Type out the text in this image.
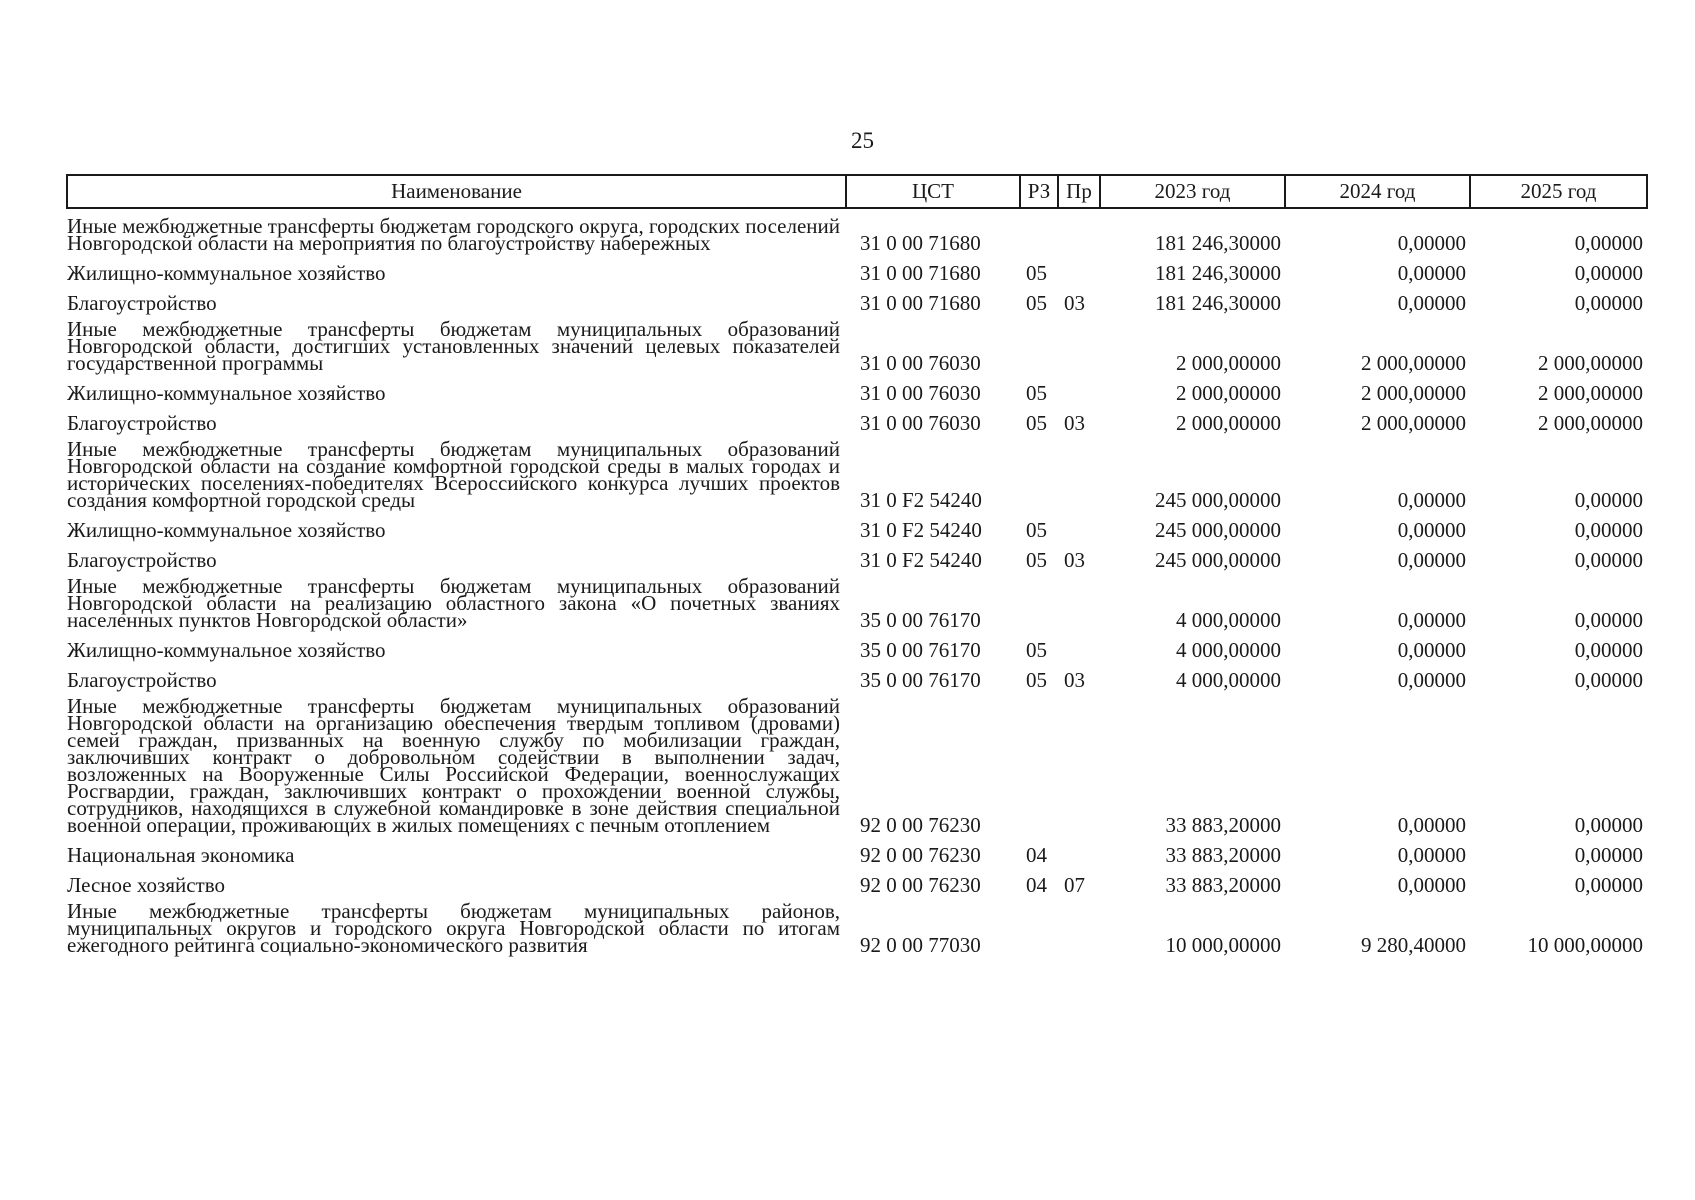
25
Наименование	ЦСТ	РЗ	Пр	2023 год	2024 год	2025 год
Иные межбюджетные трансферты бюджетам городского округа, городских поселений Новгородской области на мероприятия по благоустройству набережных	31 0 00 71680			181 246,30000	0,00000	0,00000
Жилищно-коммунальное хозяйство	31 0 00 71680	05		181 246,30000	0,00000	0,00000
Благоустройство	31 0 00 71680	05	03	181 246,30000	0,00000	0,00000
Иные межбюджетные трансферты бюджетам муниципальных образований Новгородской области, достигших установленных значений целевых показателей государственной программы	31 0 00 76030			2 000,00000	2 000,00000	2 000,00000
Жилищно-коммунальное хозяйство	31 0 00 76030	05		2 000,00000	2 000,00000	2 000,00000
Благоустройство	31 0 00 76030	05	03	2 000,00000	2 000,00000	2 000,00000
Иные межбюджетные трансферты бюджетам муниципальных образований Новгородской области на создание комфортной городской среды в малых городах и исторических поселениях-победителях Всероссийского конкурса лучших проектов создания комфортной городской среды	31 0 F2 54240			245 000,00000	0,00000	0,00000
Жилищно-коммунальное хозяйство	31 0 F2 54240	05		245 000,00000	0,00000	0,00000
Благоустройство	31 0 F2 54240	05	03	245 000,00000	0,00000	0,00000
Иные межбюджетные трансферты бюджетам муниципальных образований Новгородской области на реализацию областного закона «О почетных званиях населенных пунктов Новгородской области»	35 0 00 76170			4 000,00000	0,00000	0,00000
Жилищно-коммунальное хозяйство	35 0 00 76170	05		4 000,00000	0,00000	0,00000
Благоустройство	35 0 00 76170	05	03	4 000,00000	0,00000	0,00000
Иные межбюджетные трансферты бюджетам муниципальных образований Новгородской области на организацию обеспечения твердым топливом (дровами) семей граждан, призванных на военную службу по мобилизации граждан, заключивших контракт о добровольном содействии в выполнении задач, возложенных на Вооруженные Силы Российской Федерации, военнослужащих Росгвардии, граждан, заключивших контракт о прохождении военной службы, сотрудников, находящихся в служебной командировке в зоне действия специальной военной операции, проживающих в жилых помещениях с печным отоплением	92 0 00 76230			33 883,20000	0,00000	0,00000
Национальная экономика	92 0 00 76230	04		33 883,20000	0,00000	0,00000
Лесное хозяйство	92 0 00 76230	04	07	33 883,20000	0,00000	0,00000
Иные межбюджетные трансферты бюджетам муниципальных районов, муниципальных округов и городского округа Новгородской области по итогам ежегодного рейтинга социально-экономического развития	92 0 00 77030			10 000,00000	9 280,40000	10 000,00000
